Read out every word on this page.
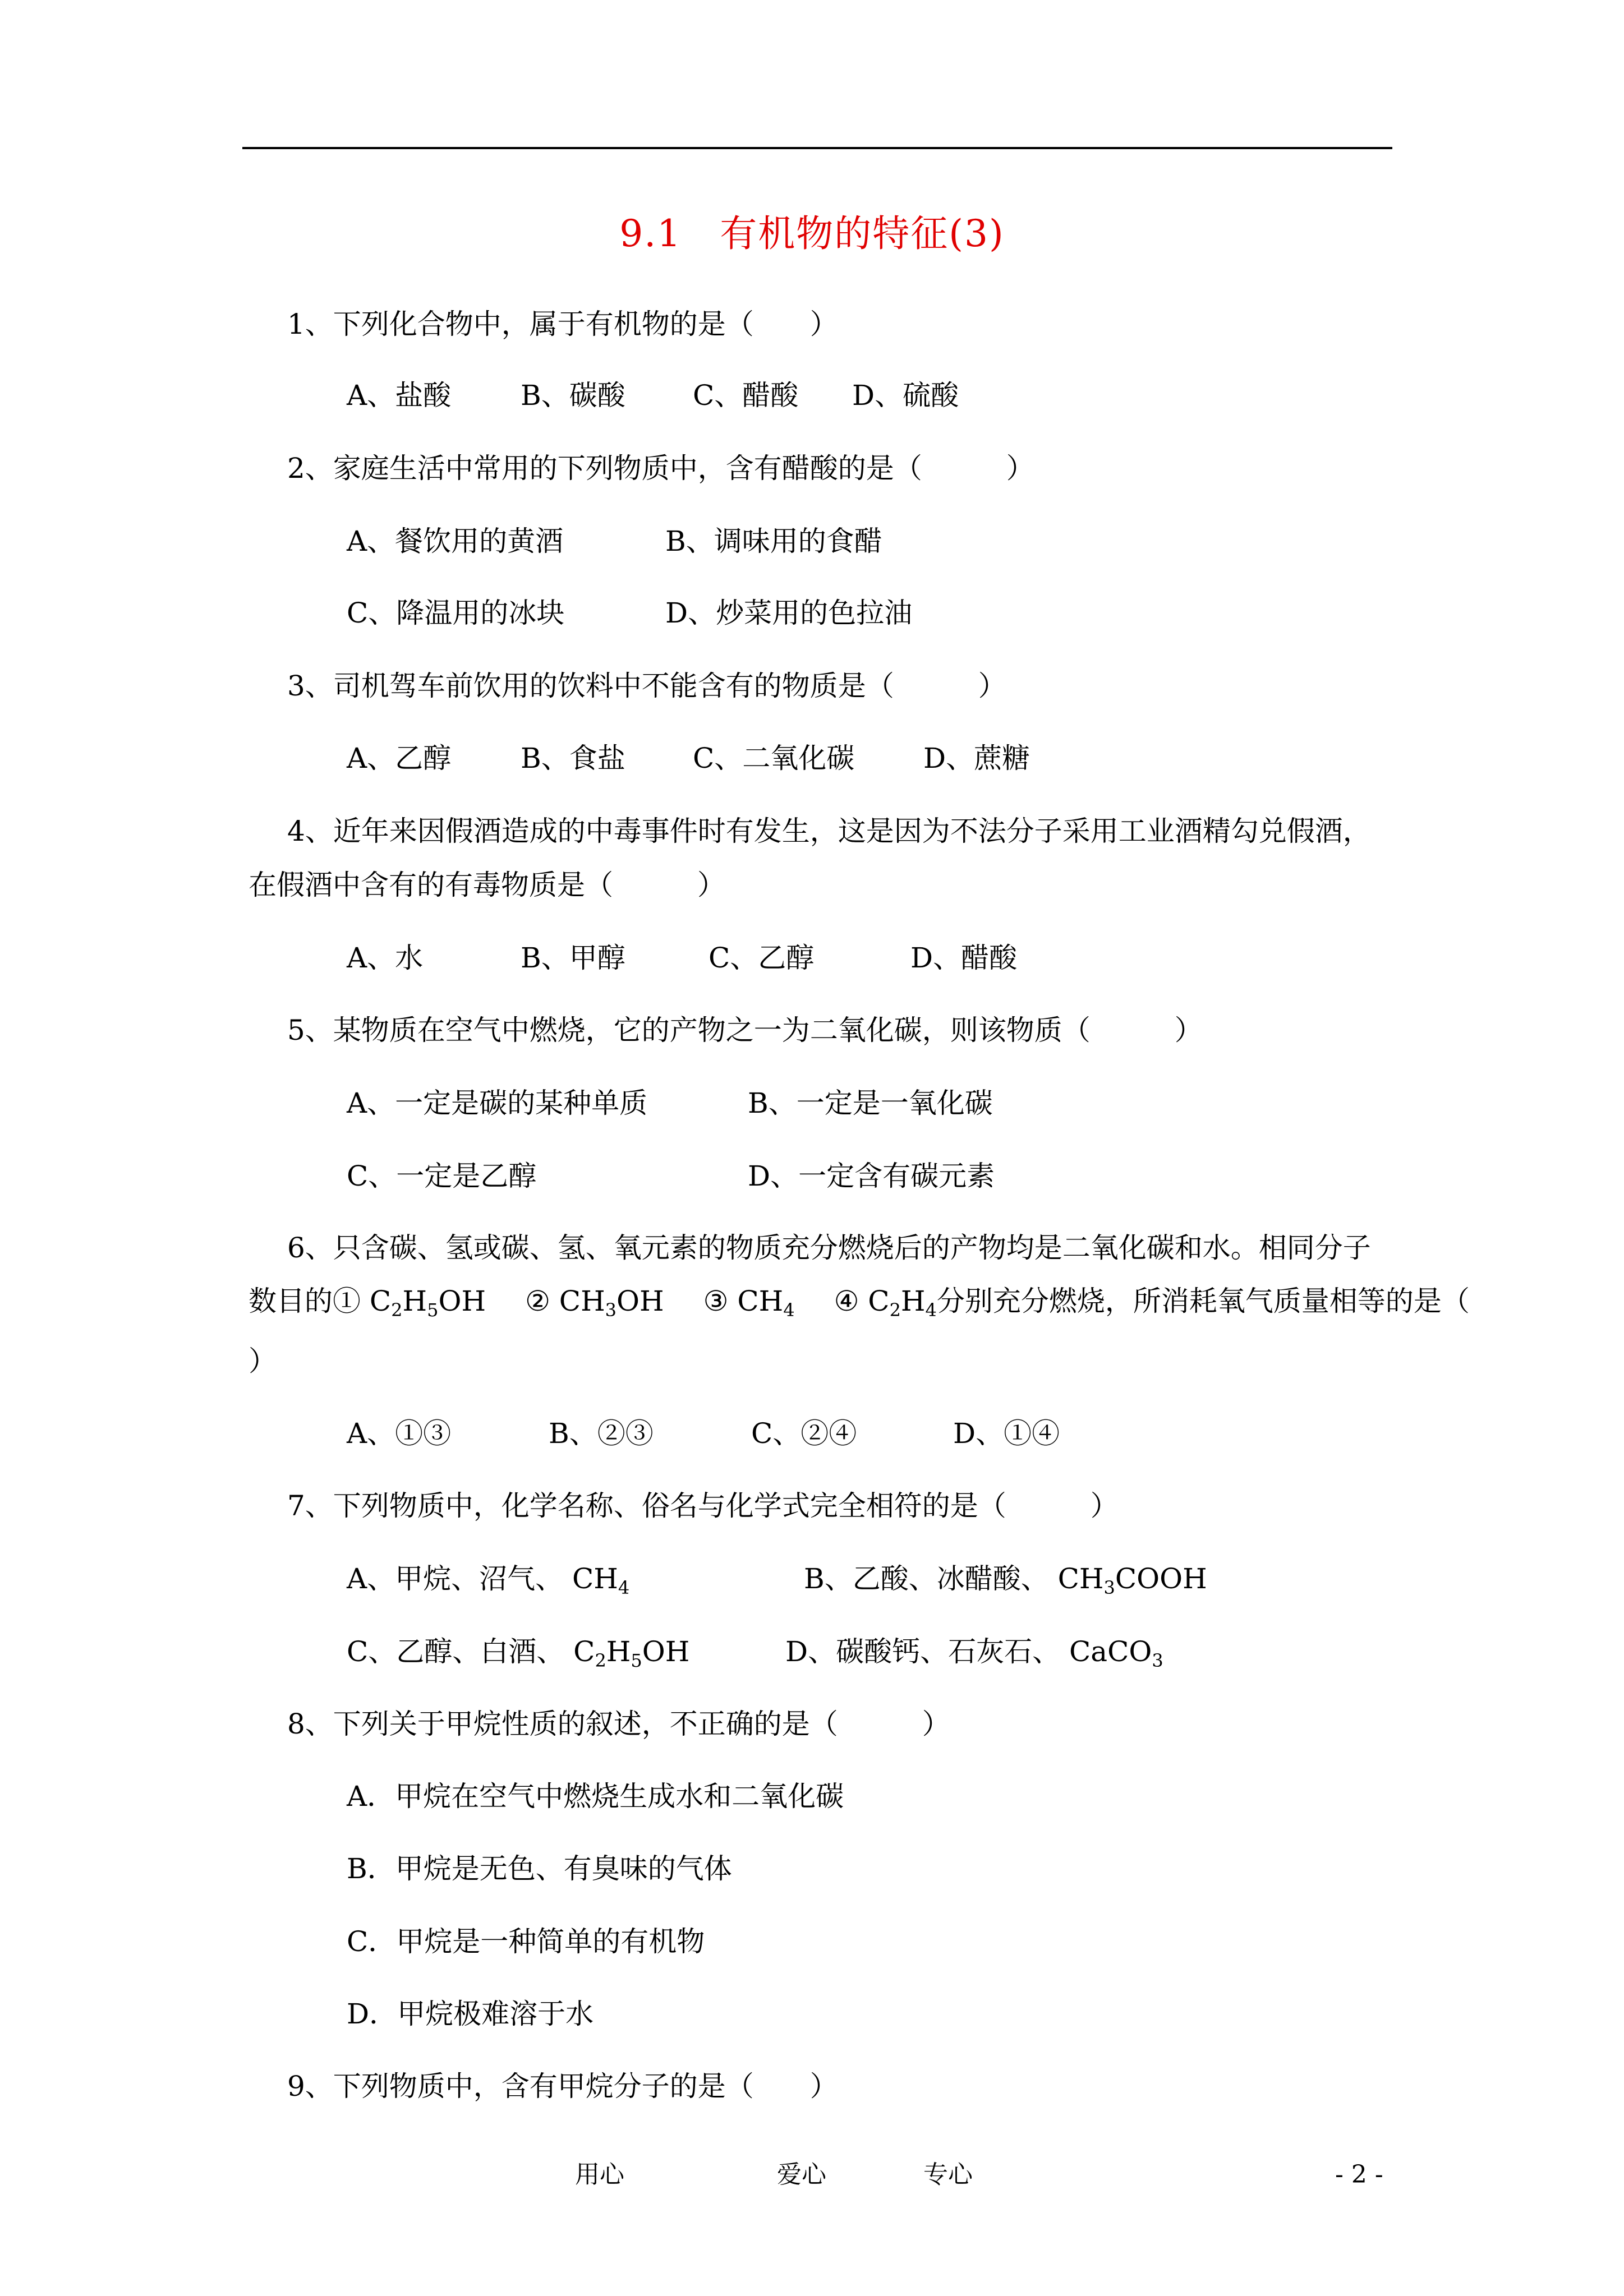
9.1　有机物的特征(3)
1、下列化合物中，属于有机物的是（　　）
A、盐酸 B、碳酸 C、醋酸 D、硫酸
2、家庭生活中常用的下列物质中，含有醋酸的是（　　　）
A、餐饮用的黄酒	B、调味用的食醋
C、降温用的冰块	D、炒菜用的色拉油
3、司机驾车前饮用的饮料中不能含有的物质是（　　　）
A、乙醇 B、食盐 C、二氧化碳 D、蔗糖
4、近年来因假酒造成的中毒事件时有发生，这是因为不法分子采用工业酒精勾兑假酒，
在假酒中含有的有毒物质是（　　　）
A、水	B、甲醇	C、乙醇	D、醋酸
5、某物质在空气中燃烧，它的产物之一为二氧化碳，则该物质（　　　）
A、一定是碳的某种单质	B、一定是一氧化碳
C、一定是乙醇	D、一定含有碳元素
6、只含碳、氢或碳、氢、氧元素的物质充分燃烧后的产物均是二氧化碳和水。相同分子
数目的① $C_2H_5OH$ ② $CH_3OH$ ③ $CH_4$ ④ $C_2H_4$分别充分燃烧，所消耗氧气质量相等的是（
）
A、①③	B、②③	C、②④	D、①④
7、下列物质中，化学名称、俗名与化学式完全相符的是（　　　）
A、甲烷、沼气、 $CH_4$	B、乙酸、冰醋酸、 $CH_3COOH$
C、乙醇、白酒、 $C_2H_5OH$	D、碳酸钙、石灰石、 CaCO$_3$
8、下列关于甲烷性质的叙述，不正确的是（　　　）
A．甲烷在空气中燃烧生成水和二氧化碳
B．甲烷是无色、有臭味的气体
C．甲烷是一种简单的有机物
D．甲烷极难溶于水
9、下列物质中，含有甲烷分子的是（　　）
用心	爱心	专心	- 2 -
